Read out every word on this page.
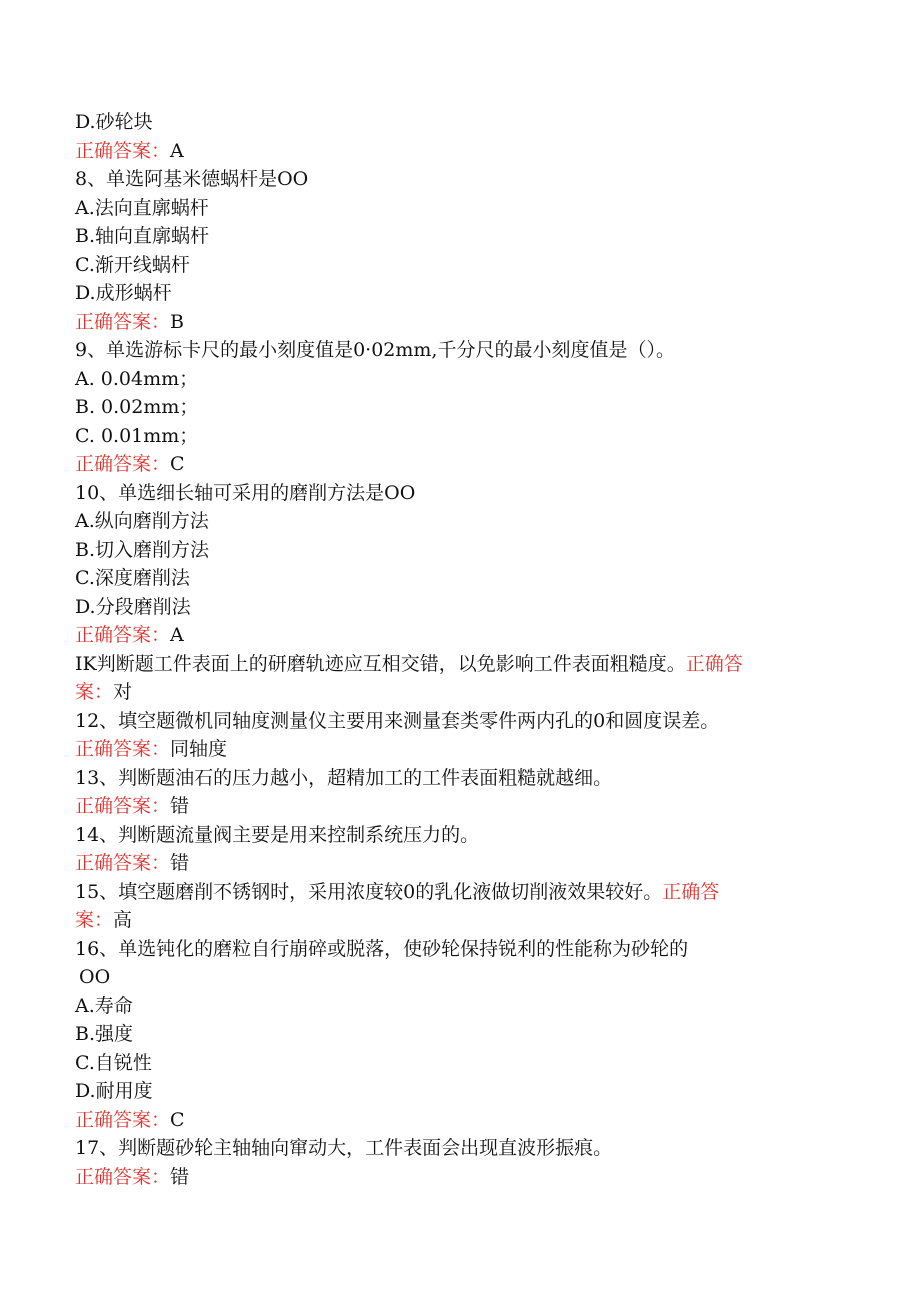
D.砂轮块
正确答案：A
8、单选阿基米德蜗杆是OO
A.法向直廓蜗杆
B.轴向直廓蜗杆
C.渐开线蜗杆
D.成形蜗杆
正确答案：B
9、单选游标卡尺的最小刻度值是0·02mm,千分尺的最小刻度值是（）。
A. 0.04mm；
B. 0.02mm；
C. 0.01mm；
正确答案：C
10、单选细长轴可采用的磨削方法是OO
A.纵向磨削方法
B.切入磨削方法
C.深度磨削法
D.分段磨削法
正确答案：A
IK判断题工件表面上的研磨轨迹应互相交错，以免影响工件表面粗糙度。正确答
案：对
12、填空题微机同轴度测量仪主要用来测量套类零件两内孔的0和圆度误差。
正确答案：同轴度
13、判断题油石的压力越小，超精加工的工件表面粗糙就越细。
正确答案：错
14、判断题流量阀主要是用来控制系统压力的。
正确答案：错
15、填空题磨削不锈钢时，采用浓度较0的乳化液做切削液效果较好。正确答
案：高
16、单选钝化的磨粒自行崩碎或脱落，使砂轮保持锐利的性能称为砂轮的
OO
A.寿命
B.强度
C.自锐性
D.耐用度
正确答案：C
17、判断题砂轮主轴轴向窜动大，工件表面会出现直波形振痕。
正确答案：错
